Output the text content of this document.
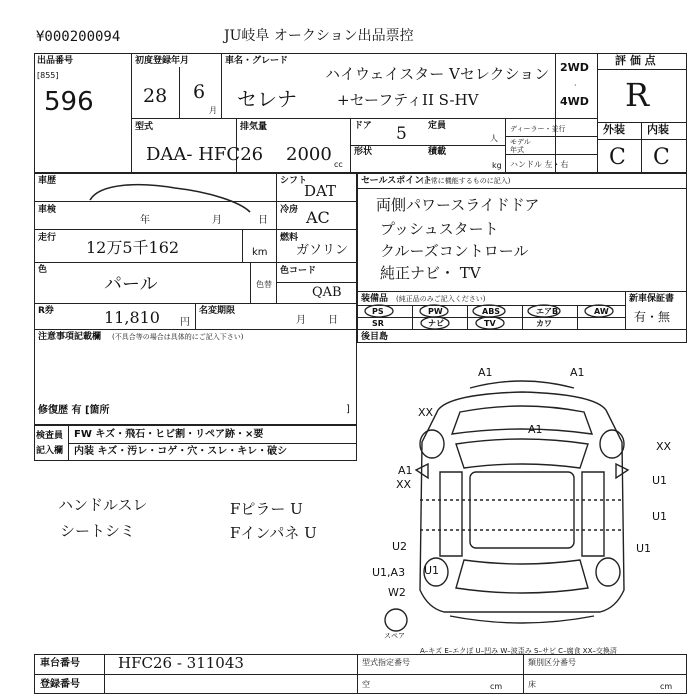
¥000200094	JU岐阜 オークション出品票控
出品番号
[855]
596
初度登録年月
28 6
月
車名・グレード
セレナ
ハイウェイスター Vセレクション
+セーフティII S-HV
2WD
·
4WD
評 価 点
R
外装 内装
C C
型式
DAA- HFC26
排気量
2000 cc
ドア 5 定員
人
形状	積載
kg
ディーラー・並行
モデル
年式
ハンドル 左・右
車歴	シフト
DAT
車検
年	月	日
冷房 AC
走行 12万5千162	km
燃料
ガソリン
色
パール	色替
色コード
QAB
R券	11,810 円
名変期限
月 日
注意事項記載欄 (不具合等の場合は具体的にご記入下さい)
修復歴 有 [箇所	]
セールスポイント
(正常に機能するものに記入)
両側パワースライドドア
プッシュスタート
クルーズコントロール
純正ナビ・ TV
装備品 (純正品のみご記入ください)	新車保証書
有・無
PS	PW	ABS	エアB	AW
SR	ナビ	TV	カワ
後目島
検査員
記入欄
FW キズ・飛石・ヒビ割・リペア跡・×要
内装 キズ・汚レ・コゲ・穴・スレ・キレ・破シ
ハンドルスレ
シートシミ
Fピラー U
Fインパネ U
A1	A1
A1
XX
XX
U1
A1
XX
U1
U1
U2
U1
U1,A3
W2
スペア
A–キズ E–エクぼ U–凹み W–波歪み S–サビ C–腐食 XX–交換済
車台番号	HFC26 - 311043
登録番号
型式指定番号	類別区分番号
空	床
cm	cm
